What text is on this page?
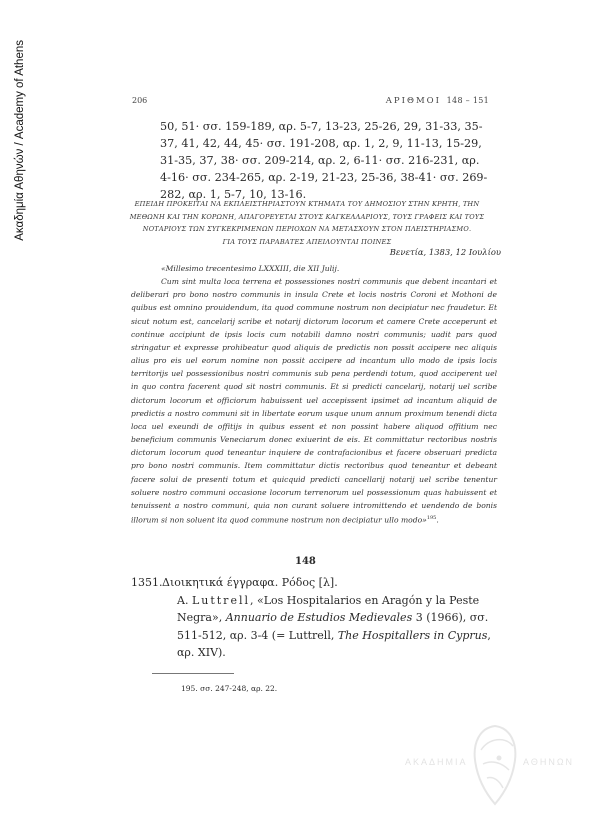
Ακαδημία Αθηνών / Academy of Athens	206	ΑΡΙΘΜΟΙ 148 – 151

50, 51· σσ. 159-189, αρ. 5-7, 13-23, 25-26, 29, 31-33, 35-37, 41, 42, 44, 45· σσ. 191-208, αρ. 1, 2, 9, 11-13, 15-29, 31-35, 37, 38· σσ. 209-214, αρ. 2, 6-11· σσ. 216-231, αρ. 4-16· σσ. 234-265, αρ. 2-19, 21-23, 25-36, 38-41· σσ. 269-282, αρ. 1, 5-7, 10, 13-16.

ΕΠΕΙΔΗ ΠΡΟΚΕΙΤΑΙ ΝΑ ΕΚΠΛΕΙΣΤΗΡΙΑΣΤΟΥΝ ΚΤΗΜΑΤΑ ΤΟΥ ΔΗΜΟΣΙΟΥ ΣΤΗΝ ΚΡΗΤΗ, ΤΗΝ
ΜΕΘΩΝΗ ΚΑΙ ΤΗΝ ΚΟΡΩΝΗ, ΑΠΑΓΟΡΕΥΕΤΑΙ ΣΤΟΥΣ ΚΑΓΚΕΛΛΑΡΙΟΥΣ, ΤΟΥΣ ΓΡΑΦΕΙΣ ΚΑΙ ΤΟΥΣ
ΝΟΤΑΡΙΟΥΣ ΤΩΝ ΣΥΓΚΕΚΡΙΜΕΝΩΝ ΠΕΡΙΟΧΩΝ ΝΑ ΜΕΤΑΣΧΟΥΝ ΣΤΟΝ ΠΛΕΙΣΤΗΡΙΑΣΜΟ.
ΓΙΑ ΤΟΥΣ ΠΑΡΑΒΑΤΕΣ ΑΠΕΙΛΟΥΝΤΑΙ ΠΟΙΝΕΣ

Βενετία, 1383, 12 Ιουλίου

«Millesimo trecentesimo LXXXIII, die XII Julij.
Cum sint multa loca terrena et possessiones nostri communis que debent incantari et deliberari pro bono nostro communis in insula Crete et locis nostris Coroni et Mothoni de quibus est omnino prouidendum, ita quod commune nostrum non decipiatur nec fraudetur. Et sicut notum est, cancelarij scribe et notarij dictorum locorum et camere Crete acceperunt et continue accipiunt de ipsis locis cum notabili damno nostri communis; uadit pars quod stringatur et expresse prohibeatur quod aliquis de predictis non possit accipere nec aliquis alius pro eis uel eorum nomine non possit accipere ad incantum ullo modo de ipsis locis territorijs uel possessionibus nostri communis sub pena perdendi totum, quod acciperent uel in quo contra facerent quod sit nostri communis. Et si predicti cancelarij, notarij uel scribe dictorum locorum et officiorum habuissent uel accepissent ipsimet ad incantum aliquid de predictis a nostro communi sit in libertate eorum usque unum annum proximum tenendi dicta loca uel exeundi de offitijs in quibus essent et non possint habere aliquod offitium nec beneficium communis Veneciarum donec exiuerint de eis. Et committatur rectoribus nostris dictorum locorum quod teneantur inquiere de contrafacionibus et facere obseruari predicta pro bono nostri communis. Item committatur dictis rectoribus quod teneantur et debeant facere solui de presenti totum et quicquid predicti cancellarij notarij uel scribe tenentur soluere nostro communi occasione locorum terrenorum uel possessionum quas habuissent et tenuissent a nostro communi, quia non curant soluere intromittendo et uendendo de bonis illorum si non soluent ita quod commune nostrum non decipiatur ullo modo»$^{195}$.

148

1351. Διοικητικά έγγραφα. Ρόδος [λ].
A. Luttrell, «Los Hospitalarios en Aragón y la Peste Negra», Annuario de Estudios Medievales 3 (1966), σσ. 511-512, αρ. 3-4 (= Luttrell, The Hospitallers in Cyprus, αρ. XIV).

195. σσ. 247-248, αρ. 22.

ΑΚΑΔΗΜΙΑ	ΑΘΗΝΩΝ
